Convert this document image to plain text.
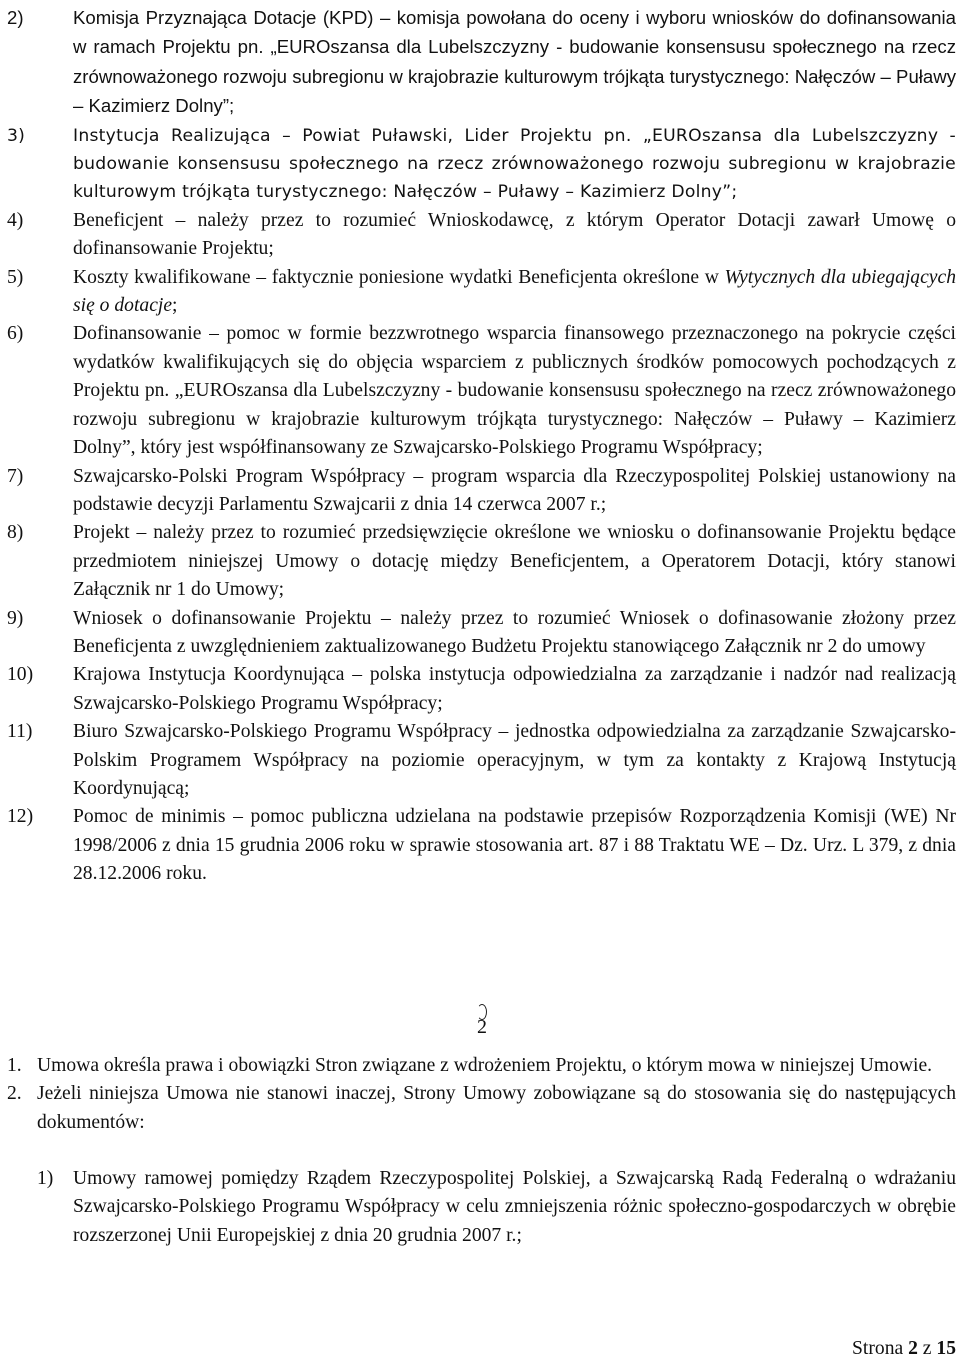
2)	Komisja Przyznająca Dotacje (KPD) – komisja powołana do oceny i wyboru wniosków do dofinansowania w ramach Projektu pn. „EUROszansa dla Lubelszczyzny - budowanie konsensusu społecznego na rzecz zrównoważonego rozwoju subregionu w krajobrazie kulturowym trójkąta turystycznego: Nałęczów – Puławy – Kazimierz Dolny”;

3)	Instytucja Realizująca – Powiat Puławski, Lider Projektu pn. „EUROszansa dla Lubelszczyzny - budowanie konsensusu społecznego na rzecz zrównoważonego rozwoju subregionu w krajobrazie kulturowym trójkąta turystycznego: Nałęczów – Puławy – Kazimierz Dolny”;

4)	Beneficjent – należy przez to rozumieć Wnioskodawcę, z którym Operator Dotacji zawarł Umowę o dofinansowanie Projektu;

5)	Koszty kwalifikowane – faktycznie poniesione wydatki Beneficjenta określone w Wytycznych dla ubiegających się o dotacje;

6)	Dofinansowanie – pomoc w formie bezzwrotnego wsparcia finansowego przeznaczonego na pokrycie części wydatków kwalifikujących się do objęcia wsparciem z publicznych środków pomocowych pochodzących z Projektu pn. „EUROszansa dla Lubelszczyzny - budowanie konsensusu społecznego na rzecz zrównoważonego rozwoju subregionu w krajobrazie kulturowym trójkąta turystycznego: Nałęczów – Puławy – Kazimierz Dolny”, który jest współfinansowany ze Szwajcarsko-Polskiego Programu Współpracy;

7)	Szwajcarsko-Polski Program Współpracy – program wsparcia dla Rzeczypospolitej Polskiej ustanowiony na podstawie decyzji Parlamentu Szwajcarii z dnia 14 czerwca 2007 r.;

8)	Projekt – należy przez to rozumieć przedsięwzięcie określone we wniosku o dofinansowanie Projektu będące przedmiotem niniejszej Umowy o dotację między Beneficjentem, a Operatorem Dotacji, który stanowi Załącznik nr 1 do Umowy;

9)	Wniosek o dofinansowanie Projektu – należy przez to rozumieć Wniosek o dofinasowanie złożony przez Beneficjenta z uwzględnieniem zaktualizowanego Budżetu Projektu stanowiącego Załącznik nr 2 do umowy

10)	Krajowa Instytucja Koordynująca – polska instytucja odpowiedzialna za zarządzanie i nadzór nad realizacją Szwajcarsko-Polskiego Programu Współpracy;

11)	Biuro Szwajcarsko-Polskiego Programu Współpracy – jednostka odpowiedzialna za zarządzanie Szwajcarsko-Polskim Programem Współpracy na poziomie operacyjnym, w tym za kontakty z Krajową Instytucją Koordynującą;

12)	Pomoc de minimis – pomoc publiczna udzielana na podstawie przepisów Rozporządzenia Komisji (WE) Nr 1998/2006 z dnia 15 grudnia 2006 roku w sprawie stosowania art. 87 i 88 Traktatu WE – Dz. Urz. L 379, z dnia 28.12.2006 roku.

2
1. Umowa określa prawa i obowiązki Stron związane z wdrożeniem Projektu, o którym mowa w niniejszej Umowie.

2. Jeżeli niniejsza Umowa nie stanowi inaczej, Strony Umowy zobowiązane są do stosowania się do następujących dokumentów:

1)	Umowy ramowej pomiędzy Rządem Rzeczypospolitej Polskiej, a Szwajcarską Radą Federalną o wdrażaniu Szwajcarsko-Polskiego Programu Współpracy w celu zmniejszenia różnic społeczno-gospodarczych w obrębie rozszerzonej Unii Europejskiej z dnia 20 grudnia 2007 r.;

Strona 2 z 15
